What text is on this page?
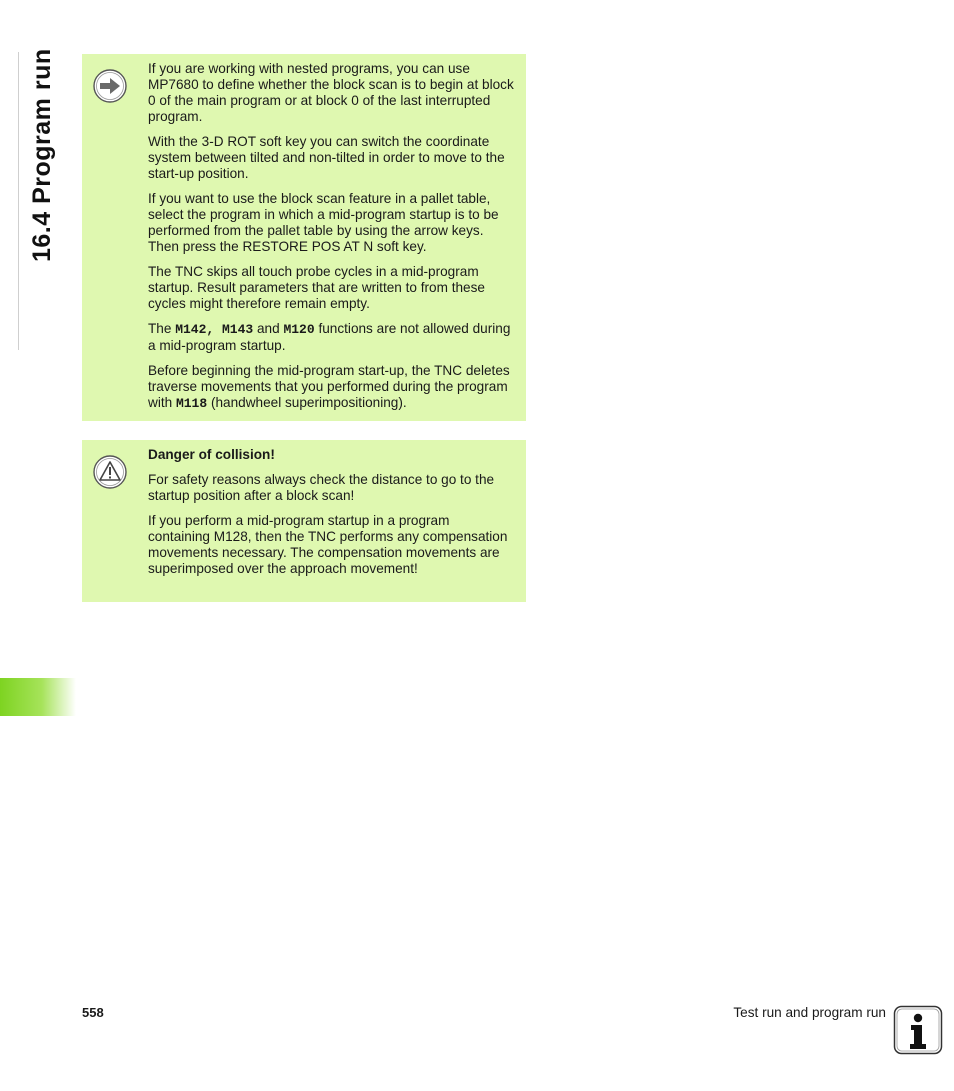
16.4 Program run	If you are working with nested programs, you can use MP7680 to define whether the block scan is to begin at block 0 of the main program or at block 0 of the last interrupted program.

With the 3-D ROT soft key you can switch the coordinate system between tilted and non-tilted in order to move to the start-up position.

If you want to use the block scan feature in a pallet table, select the program in which a mid-program startup is to be performed from the pallet table by using the arrow keys. Then press the RESTORE POS AT N soft key.

The TNC skips all touch probe cycles in a mid-program startup. Result parameters that are written to from these cycles might therefore remain empty.

The M142, M143 and M120 functions are not allowed during a mid-program startup.

Before beginning the mid-program start-up, the TNC deletes traverse movements that you performed during the program with M118 (handwheel superimpositioning).

Danger of collision!

For safety reasons always check the distance to go to the startup position after a block scan!

If you perform a mid-program startup in a program containing M128, then the TNC performs any compensation movements necessary. The compensation movements are superimposed over the approach movement!

558	Test run and program run
